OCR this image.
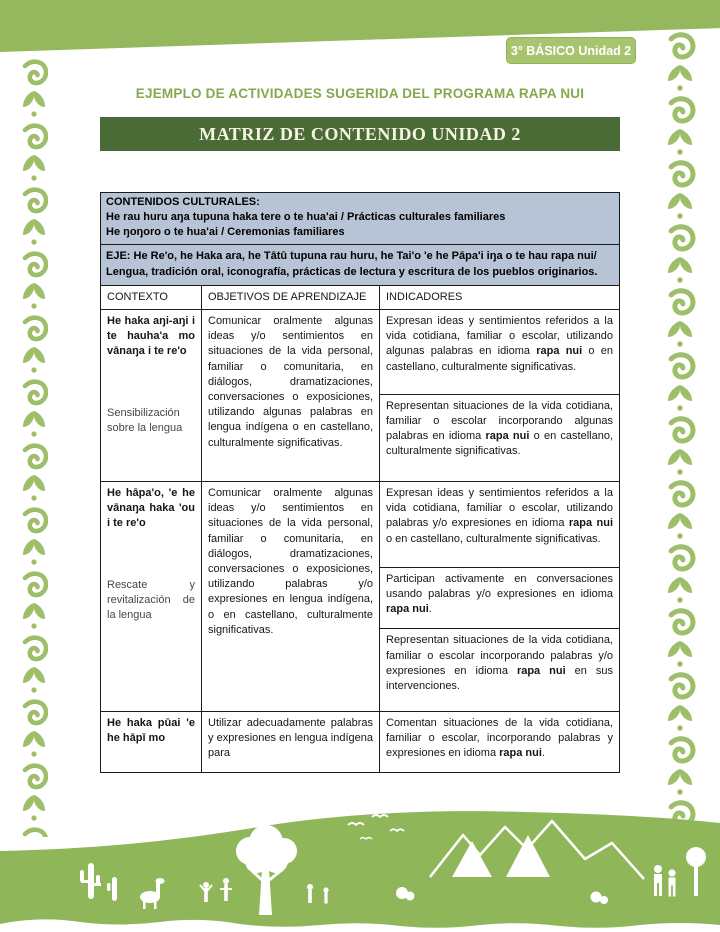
3° BÁSICO Unidad 2
EJEMPLO DE ACTIVIDADES SUGERIDA DEL PROGRAMA RAPA NUI
MATRIZ DE CONTENIDO UNIDAD 2
CONTENIDOS CULTURALES:
He rau huru aŋa tupuna haka tere o te hua'ai / Prácticas culturales familiares
He ŋoŋoro o te hua'ai / Ceremonias familiares
EJE: He Re'o, he Haka ara, he Tātū tupuna rau huru, he Tai'o 'e he Pāpa'i iŋa o te hau rapa nui/ Lengua, tradición oral, iconografía, prácticas de lectura y escritura de los pueblos originarios.
CONTEXTO	OBJETIVOS DE APRENDIZAJE	INDICADORES
He haka aŋi-aŋi i te hauha'a mo vānaŋa i te re'o
Sensibilización sobre la lengua
Comunicar oralmente algunas ideas y/o sentimientos en situaciones de la vida personal, familiar o comunitaria, en diálogos, dramatizaciones, conversaciones o exposiciones, utilizando algunas palabras en lengua indígena o en castellano, culturalmente significativas.
Expresan ideas y sentimientos referidos a la vida cotidiana, familiar o escolar, utilizando algunas palabras en idioma rapa nui o en castellano, culturalmente significativas.
Representan situaciones de la vida cotidiana, familiar o escolar incorporando algunas palabras en idioma rapa nui o en castellano, culturalmente significativas.
He hāpa'o, 'e he vānaŋa haka 'ou i te re'o
Rescate y revitalización de la lengua
Comunicar oralmente algunas ideas y/o sentimientos en situaciones de la vida personal, familiar o comunitaria, en diálogos, dramatizaciones, conversaciones o exposiciones, utilizando palabras y/o expresiones en lengua indígena, o en castellano, culturalmente significativas.
Expresan ideas y sentimientos referidos a la vida cotidiana, familiar o escolar, utilizando palabras y/o expresiones en idioma rapa nui o en castellano, culturalmente significativas.
Participan activamente en conversaciones usando palabras y/o expresiones en idioma rapa nui.
Representan situaciones de la vida cotidiana, familiar o escolar incorporando palabras y/o expresiones en idioma rapa nui en sus intervenciones.
He haka pūai 'e he hāpī mo
Utilizar adecuadamente palabras y expresiones en lengua indígena para
Comentan situaciones de la vida cotidiana, familiar o escolar, incorporando palabras y expresiones en idioma rapa nui.
